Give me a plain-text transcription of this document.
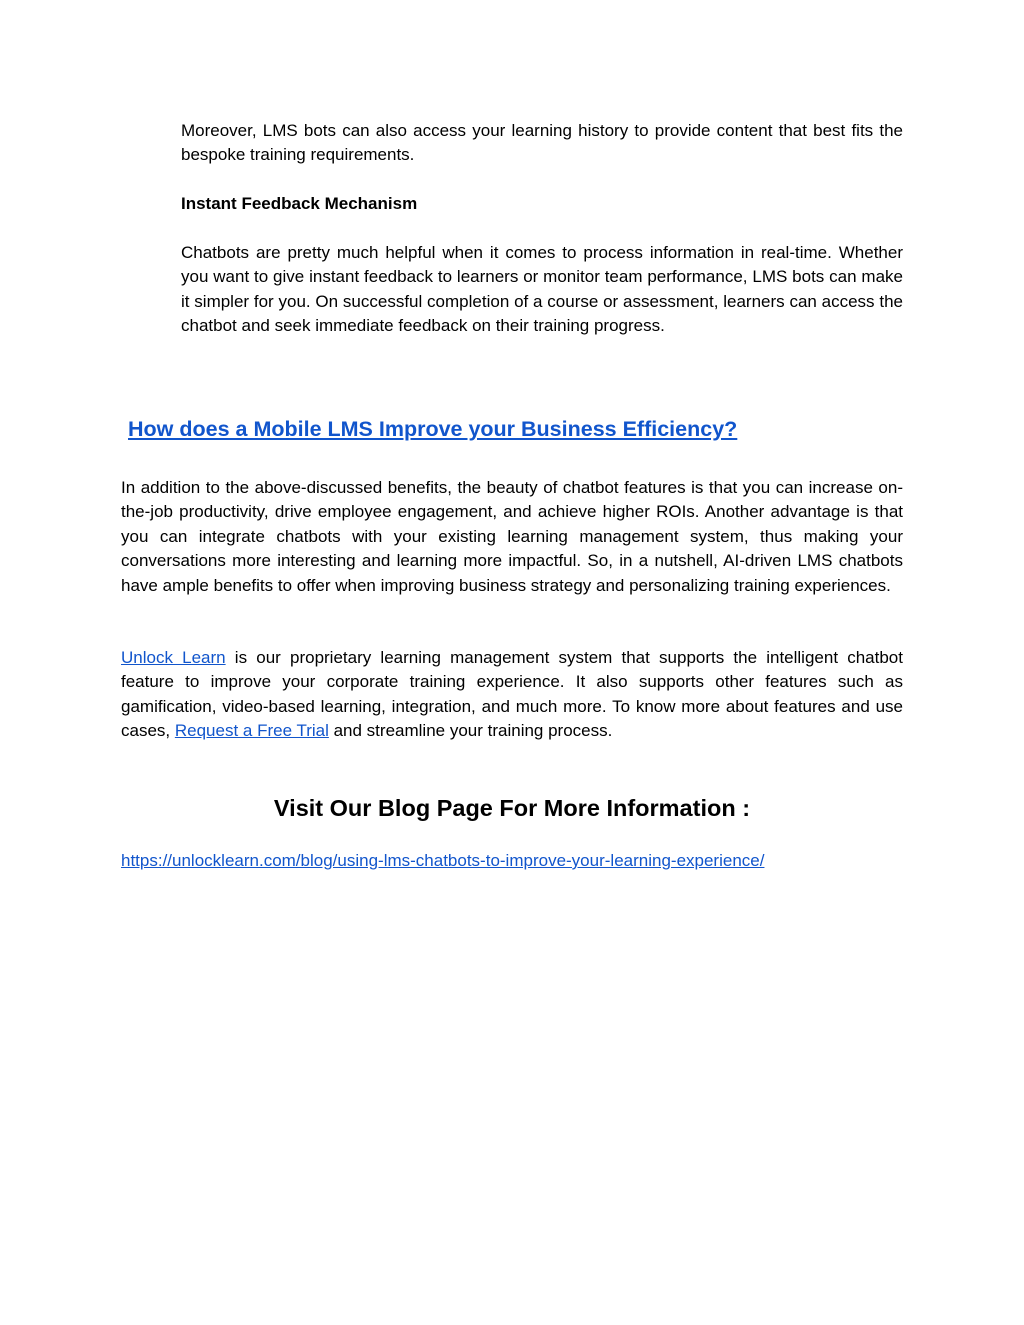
Moreover, LMS bots can also access your learning history to provide content that best fits the bespoke training requirements.

Instant Feedback Mechanism

Chatbots are pretty much helpful when it comes to process information in real-time. Whether you want to give instant feedback to learners or monitor team performance, LMS bots can make it simpler for you. On successful completion of a course or assessment, learners can access the chatbot and seek immediate feedback on their training progress.

How does a Mobile LMS Improve your Business Efficiency?

In addition to the above-discussed benefits, the beauty of chatbot features is that you can increase on-the-job productivity, drive employee engagement, and achieve higher ROIs. Another advantage is that you can integrate chatbots with your existing learning management system, thus making your conversations more interesting and learning more impactful. So, in a nutshell, AI-driven LMS chatbots have ample benefits to offer when improving business strategy and personalizing training experiences.

Unlock Learn is our proprietary learning management system that supports the intelligent chatbot feature to improve your corporate training experience. It also supports other features such as gamification, video-based learning, integration, and much more. To know more about features and use cases, Request a Free Trial and streamline your training process.

Visit Our Blog Page For More Information :

https://unlocklearn.com/blog/using-lms-chatbots-to-improve-your-learning-experience/
